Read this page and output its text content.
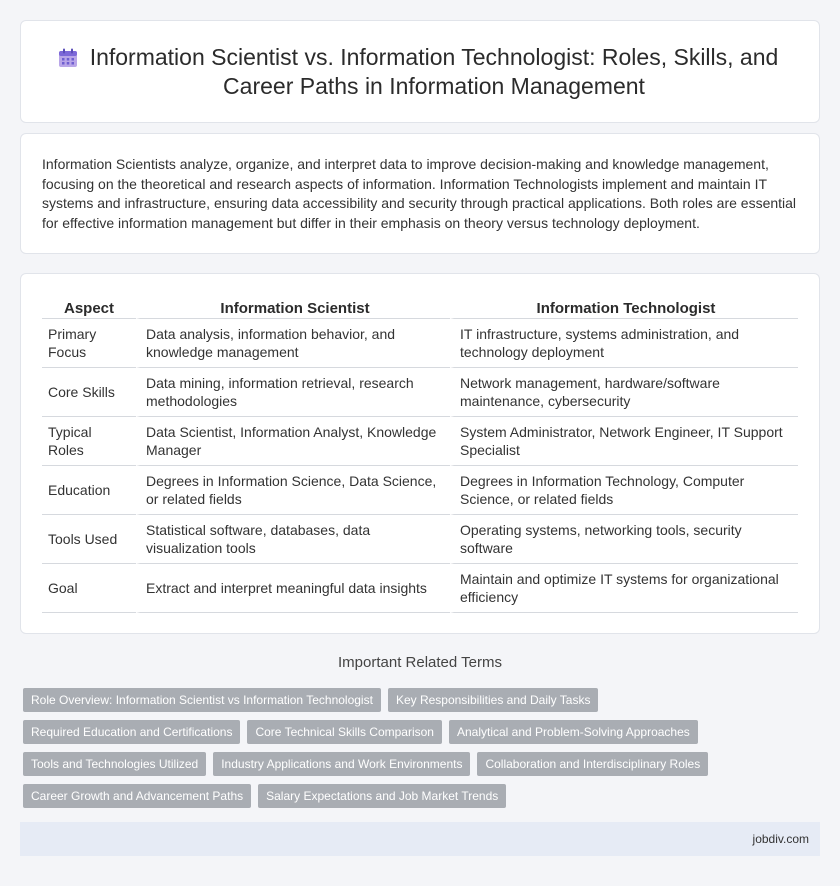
Information Scientist vs. Information Technologist: Roles, Skills, and Career Paths in Information Management

Information Scientists analyze, organize, and interpret data to improve decision-making and knowledge management, focusing on the theoretical and research aspects of information. Information Technologists implement and maintain IT systems and infrastructure, ensuring data accessibility and security through practical applications. Both roles are essential for effective information management but differ in their emphasis on theory versus technology deployment.

Aspect	Information Scientist	Information Technologist
Primary Focus	Data analysis, information behavior, and knowledge management	IT infrastructure, systems administration, and technology deployment
Core Skills	Data mining, information retrieval, research methodologies	Network management, hardware/software maintenance, cybersecurity
Typical Roles	Data Scientist, Information Analyst, Knowledge Manager	System Administrator, Network Engineer, IT Support Specialist
Education	Degrees in Information Science, Data Science, or related fields	Degrees in Information Technology, Computer Science, or related fields
Tools Used	Statistical software, databases, data visualization tools	Operating systems, networking tools, security software
Goal	Extract and interpret meaningful data insights	Maintain and optimize IT systems for organizational efficiency
Important Related Terms
Role Overview: Information Scientist vs Information Technologist	Key Responsibilities and Daily Tasks
Required Education and Certifications	Core Technical Skills Comparison	Analytical and Problem-Solving Approaches
Tools and Technologies Utilized	Industry Applications and Work Environments	Collaboration and Interdisciplinary Roles
Career Growth and Advancement Paths	Salary Expectations and Job Market Trends
jobdiv.com
